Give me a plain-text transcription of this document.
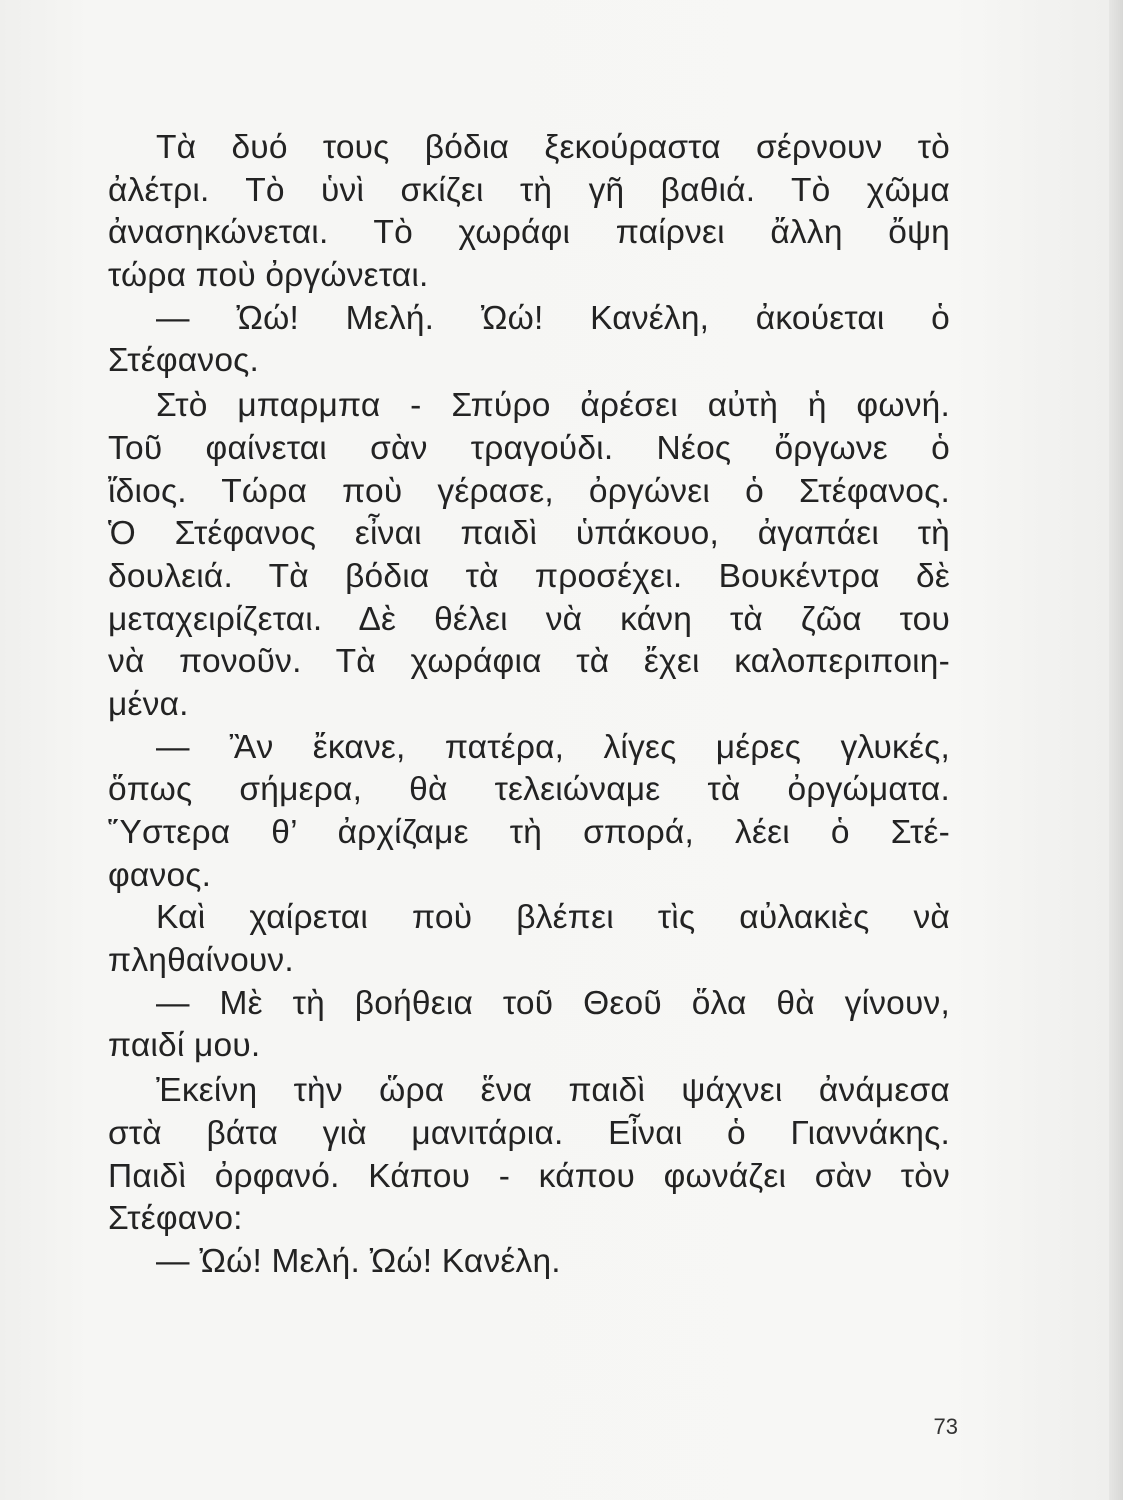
Τὰ δυό τους βόδια ξεκούραστα σέρνουν τὸ
ἀλέτρι. Τὸ ὑνὶ σκίζει τὴ γῆ βαθιά. Τὸ χῶμα
ἀνασηκώνεται. Τὸ χωράφι παίρνει ἄλλη ὄψη
τώρα ποὺ ὀργώνεται.
— Ὠώ! Μελή. Ὠώ! Κανέλη, ἀκούεται ὁ
Στέφανος.
Στὸ μπαρμπα - Σπύρο ἀρέσει αὐτὴ ἡ φωνή.
Τοῦ φαίνεται σὰν τραγούδι. Νέος ὄργωνε ὁ
ἴδιος. Τώρα ποὺ γέρασε, ὀργώνει ὁ Στέφανος.
Ὁ Στέφανος εἶναι παιδὶ ὑπάκουο, ἀγαπάει τὴ
δουλειά. Τὰ βόδια τὰ προσέχει. Βουκέντρα δὲ
μεταχειρίζεται. Δὲ θέλει νὰ κάνη τὰ ζῶα του
νὰ πονοῦν. Τὰ χωράφια τὰ ἔχει καλοπεριποιη-
μένα.
— Ἂν ἔκανε, πατέρα, λίγες μέρες γλυκές,
ὅπως σήμερα, θὰ τελειώναμε τὰ ὀργώματα.
Ὕστερα θ’ ἀρχίζαμε τὴ σπορά, λέει ὁ Στέ-
φανος.
Καὶ χαίρεται ποὺ βλέπει τὶς αὐλακιὲς νὰ
πληθαίνουν.
— Μὲ τὴ βοήθεια τοῦ Θεοῦ ὅλα θὰ γίνουν,
παιδί μου.
Ἐκείνη τὴν ὥρα ἕνα παιδὶ ψάχνει ἀνάμεσα
στὰ βάτα γιὰ μανιτάρια. Εἶναι ὁ Γιαννάκης.
Παιδὶ ὀρφανό. Κάπου - κάπου φωνάζει σὰν τὸν
Στέφανο:
— Ὠώ! Μελή. Ὠώ! Κανέλη.
73
